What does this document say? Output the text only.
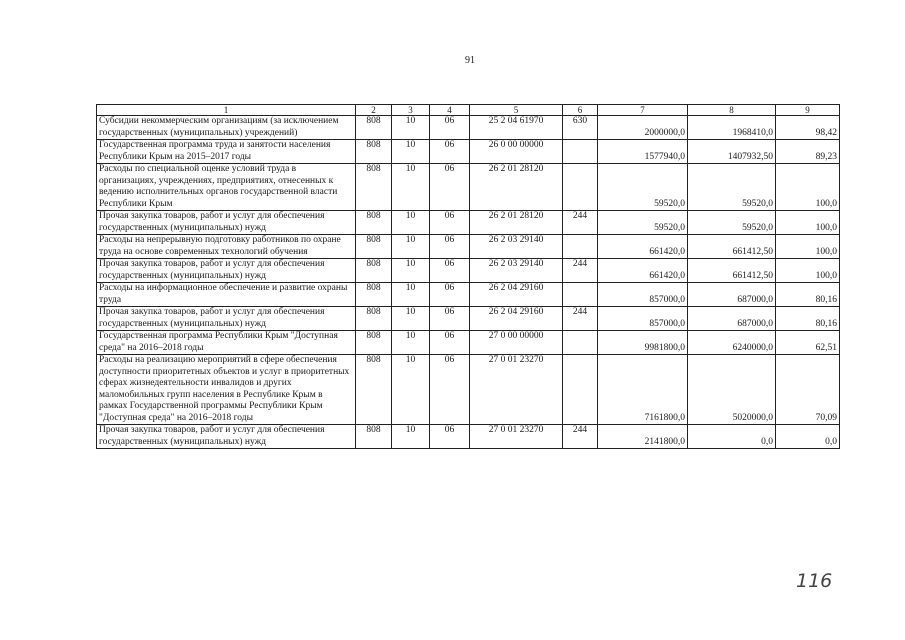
91
1	2	3	4	5	6	7	8	9
Субсидии некоммерческим организациям (за исключением государственных (муниципальных) учреждений)	808	10	06	25 2 04 61970	630	2000000,0	1968410,0	98,42
Государственная программа труда и занятости населения Республики Крым на 2015–2017 годы	808	10	06	26 0 00 00000		1577940,0	1407932,50	89,23
Расходы по специальной оценке условий труда в организациях, учреждениях, предприятиях, отнесенных к ведению исполнительных органов государственной власти Республики Крым	808	10	06	26 2 01 28120		59520,0	59520,0	100,0
Прочая закупка товаров, работ и услуг для обеспечения государственных (муниципальных) нужд	808	10	06	26 2 01 28120	244	59520,0	59520,0	100,0
Расходы на непрерывную подготовку работников по охране труда на основе современных технологий обучения	808	10	06	26 2 03 29140		661420,0	661412,50	100,0
Прочая закупка товаров, работ и услуг для обеспечения государственных (муниципальных) нужд	808	10	06	26 2 03 29140	244	661420,0	661412,50	100,0
Расходы на информационное обеспечение и развитие охраны труда	808	10	06	26 2 04 29160		857000,0	687000,0	80,16
Прочая закупка товаров, работ и услуг для обеспечения государственных (муниципальных) нужд	808	10	06	26 2 04 29160	244	857000,0	687000,0	80,16
Государственная программа Республики Крым "Доступная среда" на 2016–2018 годы	808	10	06	27 0 00 00000		9981800,0	6240000,0	62,51
Расходы на реализацию мероприятий в сфере обеспечения доступности приоритетных объектов и услуг в приоритетных сферах жизнедеятельности инвалидов и других маломобильных групп населения в Республике Крым в рамках Государственной программы Республики Крым "Доступная среда" на 2016–2018 годы	808	10	06	27 0 01 23270		7161800,0	5020000,0	70,09
Прочая закупка товаров, работ и услуг для обеспечения государственных (муниципальных) нужд	808	10	06	27 0 01 23270	244	2141800,0	0,0	0,0
116
